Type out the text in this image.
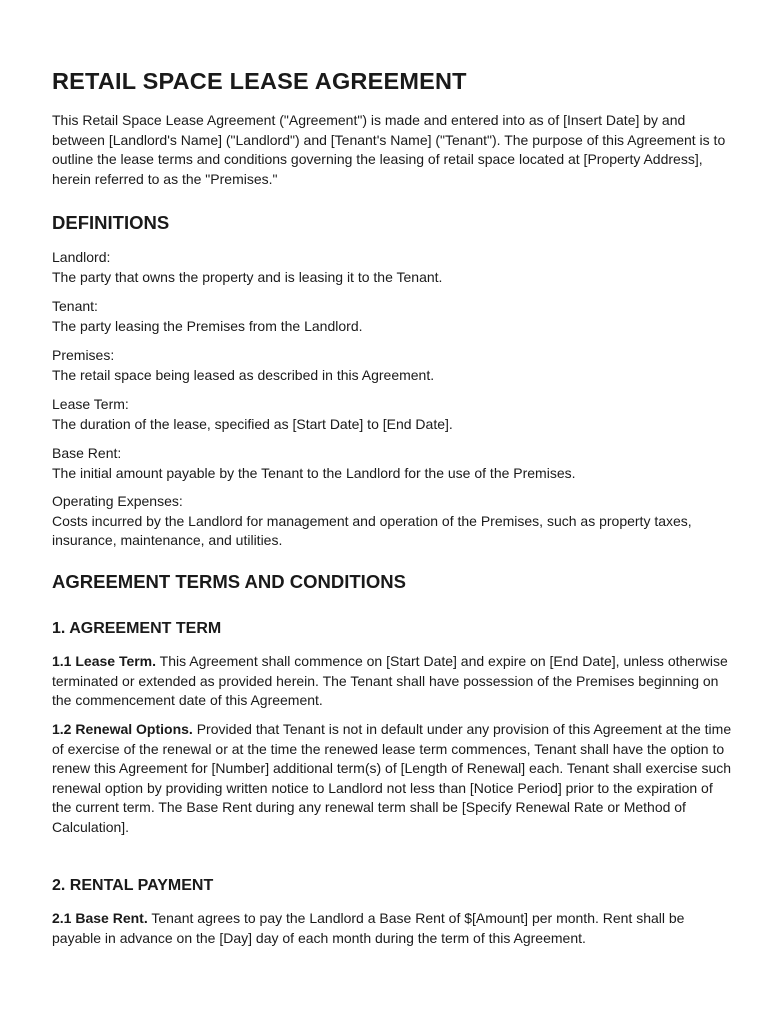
RETAIL SPACE LEASE AGREEMENT

This Retail Space Lease Agreement ("Agreement") is made and entered into as of [Insert Date] by and between [Landlord's Name] ("Landlord") and [Tenant's Name] ("Tenant"). The purpose of this Agreement is to outline the lease terms and conditions governing the leasing of retail space located at [Property Address], herein referred to as the "Premises."

DEFINITIONS
Landlord:
The party that owns the property and is leasing it to the Tenant.
Tenant:
The party leasing the Premises from the Landlord.
Premises:
The retail space being leased as described in this Agreement.
Lease Term:
The duration of the lease, specified as [Start Date] to [End Date].
Base Rent:
The initial amount payable by the Tenant to the Landlord for the use of the Premises.
Operating Expenses:
Costs incurred by the Landlord for management and operation of the Premises, such as property taxes, insurance, maintenance, and utilities.
AGREEMENT TERMS AND CONDITIONS
1. AGREEMENT TERM

1.1 Lease Term. This Agreement shall commence on [Start Date] and expire on [End Date], unless otherwise terminated or extended as provided herein. The Tenant shall have possession of the Premises beginning on the commencement date of this Agreement.

1.2 Renewal Options. Provided that Tenant is not in default under any provision of this Agreement at the time of exercise of the renewal or at the time the renewed lease term commences, Tenant shall have the option to renew this Agreement for [Number] additional term(s) of [Length of Renewal] each. Tenant shall exercise such renewal option by providing written notice to Landlord not less than [Notice Period] prior to the expiration of the current term. The Base Rent during any renewal term shall be [Specify Renewal Rate or Method of Calculation].

2. RENTAL PAYMENT

2.1 Base Rent. Tenant agrees to pay the Landlord a Base Rent of $[Amount] per month. Rent shall be payable in advance on the [Day] day of each month during the term of this Agreement.
